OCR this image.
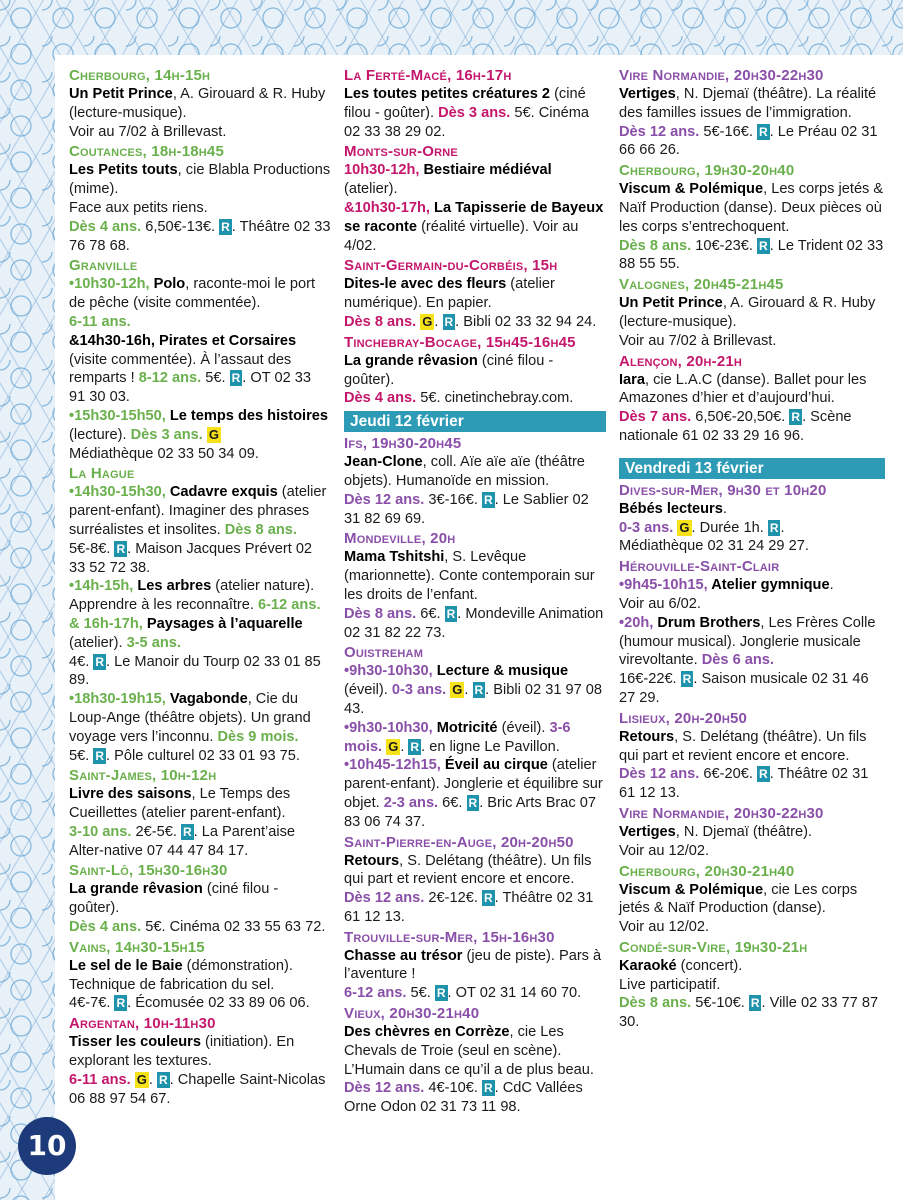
Cherbourg, 14h-15h

Un Petit Prince, A. Girouard & R. Huby (lecture-musique).

Voir au 7/02 à Brillevast.

Coutances, 18h-18h45

Les Petits touts, cie Blabla Productions (mime).

Face aux petits riens.

Dès 4 ans. 6,50€-13€. R . Théâtre 02 33 76 78 68.

Granville

•10h30-12h, Polo, raconte-moi le port de pêche (visite commentée).

6-11 ans.

&14h30-16h, Pirates et Corsaires (visite commentée). À l’assaut des remparts ! 8-12 ans. 5€. R . OT 02 33 91 30 03.

•15h30-15h50, Le temps des histoires (lecture). Dès 3 ans. G

Médiathèque 02 33 50 34 09.

La Hague

•14h30-15h30, Cadavre exquis (atelier parent-enfant). Imaginer des phrases surréalistes et insolites. Dès 8 ans. 5€-8€. R . Maison Jacques Prévert 02 33 52 72 38.

•14h-15h, Les arbres (atelier nature). Apprendre à les reconnaître. 6-12 ans.

& 16h-17h, Paysages à l’aquarelle (atelier). 3-5 ans.

4€. R . Le Manoir du Tourp 02 33 01 85 89.

•18h30-19h15, Vagabonde, Cie du Loup-Ange (théâtre objets). Un grand voyage vers l’inconnu. Dès 9 mois.

5€. R . Pôle culturel 02 33 01 93 75.

Saint-James, 10h-12h

Livre des saisons, Le Temps des Cueillettes (atelier parent-enfant).

3-10 ans. 2€-5€. R . La Parent’aise Alter-native 07 44 47 84 17.

Saint-Lô, 15h30-16h30

La grande rêvasion (ciné filou - goûter).

Dès 4 ans. 5€. Cinéma 02 33 55 63 72.

Vains, 14h30-15h15

Le sel de le Baie (démonstration). Technique de fabrication du sel.

4€-7€. R . Écomusée 02 33 89 06 06.

Argentan, 10h-11h30

Tisser les couleurs (initiation). En explorant les textures.

6-11 ans. G . R . Chapelle Saint-Nicolas 06 88 97 54 67.

La Ferté-Macé, 16h-17h

Les toutes petites créatures 2 (ciné filou - goûter). Dès 3 ans. 5€. Cinéma 02 33 38 29 02.

Monts-sur-Orne

10h30-12h, Bestiaire médiéval (atelier).

&10h30-17h, La Tapisserie de Bayeux se raconte (réalité virtuelle). Voir au 4/02.

Saint-Germain-du-Corbéis, 15h

Dites-le avec des fleurs (atelier numérique). En papier.

Dès 8 ans. G . R . Bibli 02 33 32 94 24.

Tinchebray-Bocage, 15h45-16h45

La grande rêvasion (ciné filou - goûter).

Dès 4 ans. 5€. cinetinchebray.com.

Jeudi 12 février
Ifs, 19h30-20h45

Jean-Clone, coll. Aïe aïe aïe (théâtre objets). Humanoïde en mission.

Dès 12 ans. 3€-16€. R . Le Sablier 02 31 82 69 69.

Mondeville, 20h

Mama Tshitshi, S. Levêque (marionnette). Conte contemporain sur les droits de l’enfant.

Dès 8 ans. 6€. R . Mondeville Animation 02 31 82 22 73.

Ouistreham

•9h30-10h30, Lecture & musique (éveil). 0-3 ans. G . R . Bibli 02 31 97 08 43.

•9h30-10h30, Motricité (éveil). 3-6 mois. G . R . en ligne Le Pavillon.

•10h45-12h15, Éveil au cirque (atelier parent-enfant). Jonglerie et équilibre sur objet. 2-3 ans. 6€. R . Bric Arts Brac 07 83 06 74 37.

Saint-Pierre-en-Auge, 20h-20h50

Retours, S. Delétang (théâtre). Un fils qui part et revient encore et encore.

Dès 12 ans. 2€-12€. R . Théâtre 02 31 61 12 13.

Trouville-sur-Mer, 15h-16h30

Chasse au trésor (jeu de piste). Pars à l’aventure !

6-12 ans. 5€. R . OT 02 31 14 60 70.

Vieux, 20h30-21h40

Des chèvres en Corrèze, cie Les Chevals de Troie (seul en scène). L’Humain dans ce qu’il a de plus beau.

Dès 12 ans. 4€-10€. R . CdC Vallées Orne Odon 02 31 73 11 98.

Vire Normandie, 20h30-22h30

Vertiges, N. Djemaï (théâtre). La réalité des familles issues de l’immigration.

Dès 12 ans. 5€-16€. R . Le Préau 02 31 66 66 26.

Cherbourg, 19h30-20h40

Viscum & Polémique, Les corps jetés & Naïf Production (danse). Deux pièces où les corps s’entrechoquent.

Dès 8 ans. 10€-23€. R . Le Trident 02 33 88 55 55.

Valognes, 20h45-21h45

Un Petit Prince, A. Girouard & R. Huby (lecture-musique).

Voir au 7/02 à Brillevast.

Alençon, 20h-21h

Iara, cie L.A.C (danse). Ballet pour les Amazones d’hier et d’aujourd’hui.

Dès 7 ans. 6,50€-20,50€. R . Scène nationale 61 02 33 29 16 96.

Vendredi 13 février
Dives-sur-Mer, 9h30 et 10h20

Bébés lecteurs.

0-3 ans. G . Durée 1h. R .

Médiathèque 02 31 24 29 27.

Hérouville-Saint-Clair

•9h45-10h15, Atelier gymnique.

Voir au 6/02.

•20h, Drum Brothers, Les Frères Colle (humour musical). Jonglerie musicale virevoltante. Dès 6 ans.

16€-22€. R . Saison musicale 02 31 46 27 29.

Lisieux, 20h-20h50

Retours, S. Delétang (théâtre). Un fils qui part et revient encore et encore.

Dès 12 ans. 6€-20€. R . Théâtre 02 31 61 12 13.

Vire Normandie, 20h30-22h30

Vertiges, N. Djemaï (théâtre).

Voir au 12/02.

Cherbourg, 20h30-21h40

Viscum & Polémique, cie Les corps jetés & Naïf Production (danse).

Voir au 12/02.

Condé-sur-Vire, 19h30-21h

Karaoké (concert).

Live participatif.

Dès 8 ans. 5€-10€. R . Ville 02 33 77 87 30.

10
